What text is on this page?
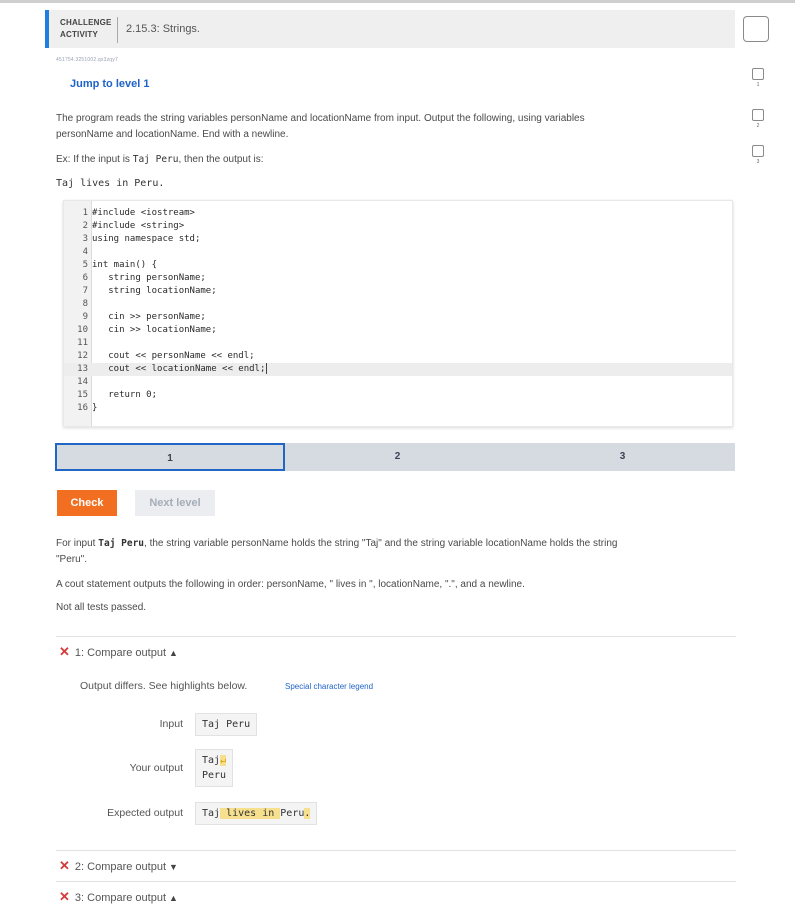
CHALLENGE
ACTIVITY	2.15.3: Strings.
451754.3251002.qx3zqy7
Jump to level 1
The program reads the string variables personName and locationName from input. Output the following, using variables
personName and locationName. End with a newline.
Ex: If the input is Taj Peru, then the output is:
Taj lives in Peru.
1 #include <iostream>
2 #include <string>
3 using namespace std;
4
5 int main() {
6 string personName;
7 string locationName;
8
9 cin >> personName;
10 cin >> locationName;
11
12 cout << personName << endl;
13 cout << locationName << endl;
14
15 return 0;
16 }
1	2	3
Check	Next level
For input Taj Peru, the string variable personName holds the string "Taj" and the string variable locationName holds the string
"Peru".
A cout statement outputs the following in order: personName, " lives in ", locationName, ".", and a newline.
Not all tests passed.
✕ 1: Compare output ▲
Output differs. See highlights below.	Special character legend
Input	Taj Peru
Your output
Taj↵
Peru
Expected output	Taj lives in Peru.
✕ 2: Compare output ▼
✕ 3: Compare output ▲
1
2
3
